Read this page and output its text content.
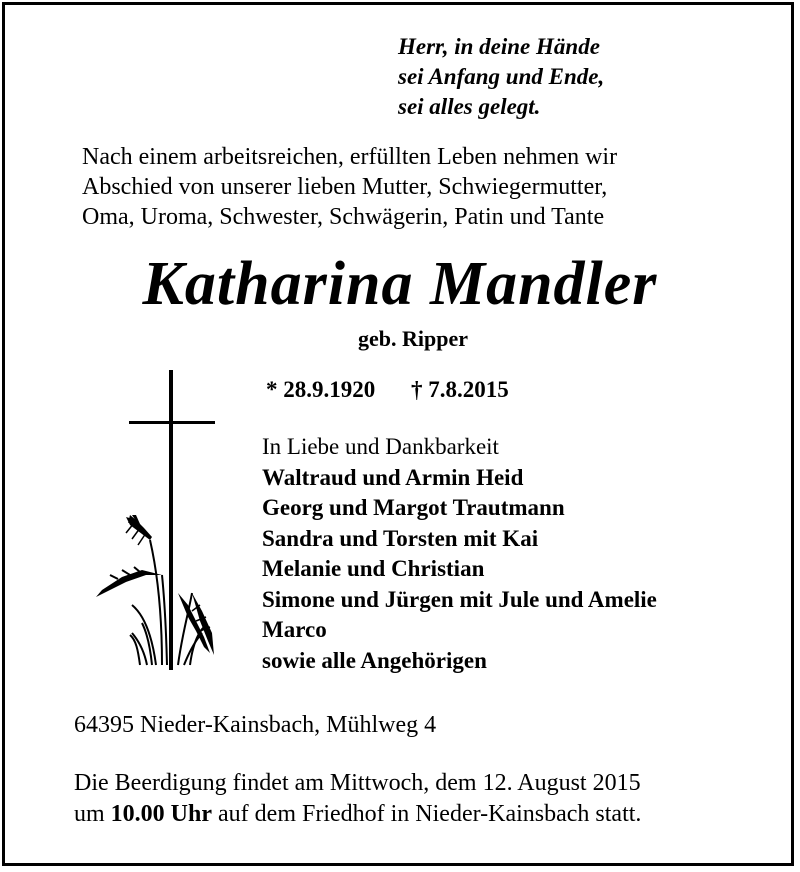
Herr, in deine Hände
sei Anfang und Ende,
sei alles gelegt.
Nach einem arbeitsreichen, erfüllten Leben nehmen wir
Abschied von unserer lieben Mutter, Schwiegermutter,
Oma, Uroma, Schwester, Schwägerin, Patin und Tante
Katharina Mandler
geb. Ripper
* 28.9.1920 † 7.8.2015
In Liebe und Dankbarkeit
Waltraud und Armin Heid
Georg und Margot Trautmann
Sandra und Torsten mit Kai
Melanie und Christian
Simone und Jürgen mit Jule und Amelie
Marco
sowie alle Angehörigen
64395 Nieder-Kainsbach, Mühlweg 4
Die Beerdigung findet am Mittwoch, dem 12. August 2015
um 10.00 Uhr auf dem Friedhof in Nieder-Kainsbach statt.
